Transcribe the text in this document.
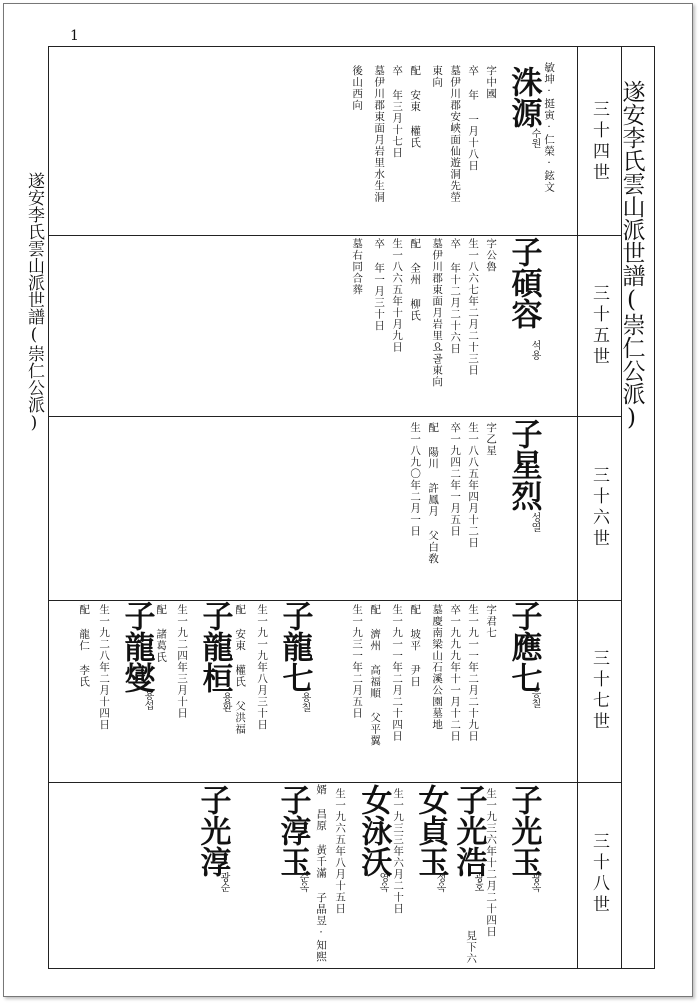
1
遂安李氏雲山派世譜(崇仁公派)	遂安李氏雲山派世譜(崇仁公派)
三十四世
三十五世
三十六世
三十七世
三十八世
洙源
수원 敏坤·挺寅·仁榮·鉉文
字中國
卒 年 一月十八日
墓伊川郡安峽面仙遊洞先塋
東向
配 安東 權氏
卒 年三月十七日
墓伊川郡東面月岩里水生洞
後山西向
子碩容
석용
字公魯
生一八六七年二月二十三日
卒 年十二月二十六日
墓伊川郡東面月岩里요골東向
配 全州 柳氏
生一八六五年十月九日
卒 年一月三十日
墓右同合葬
子星烈
성열
字乙星
生一八八五年四月十二日
卒一九四二年一月五日
配 陽川 許鳳月 父白敎
生一八九〇年二月一日
子應七
응칠
字君七
生一九一一年二月二十九日
卒一九九九年十一月十二日
墓慶南梁山石溪公園墓地
配 坡平 尹日
生一九一一年二月二十四日
配 濟州 高福順 父平翼
生一九三一年二月五日
子龍七
용칠
生一九一九年八月三十日
配 安東 權氏 父洪福
子龍桓
용환
生一九二四年三月十日
配 諸葛氏
子龍燮
용섭
生一九二八年二月十四日
配 龍仁 李氏
子光玉
광옥
生一九三六年十二月二十四日
見下六
子光浩
광호
女貞玉
정옥
生一九三三年六月二十日
女泳沃
영옥
生一九六五年八月十五日
婿 昌原 黃千滿 子晶昱·知熙
子淳玉
순옥
子光淳
광순
